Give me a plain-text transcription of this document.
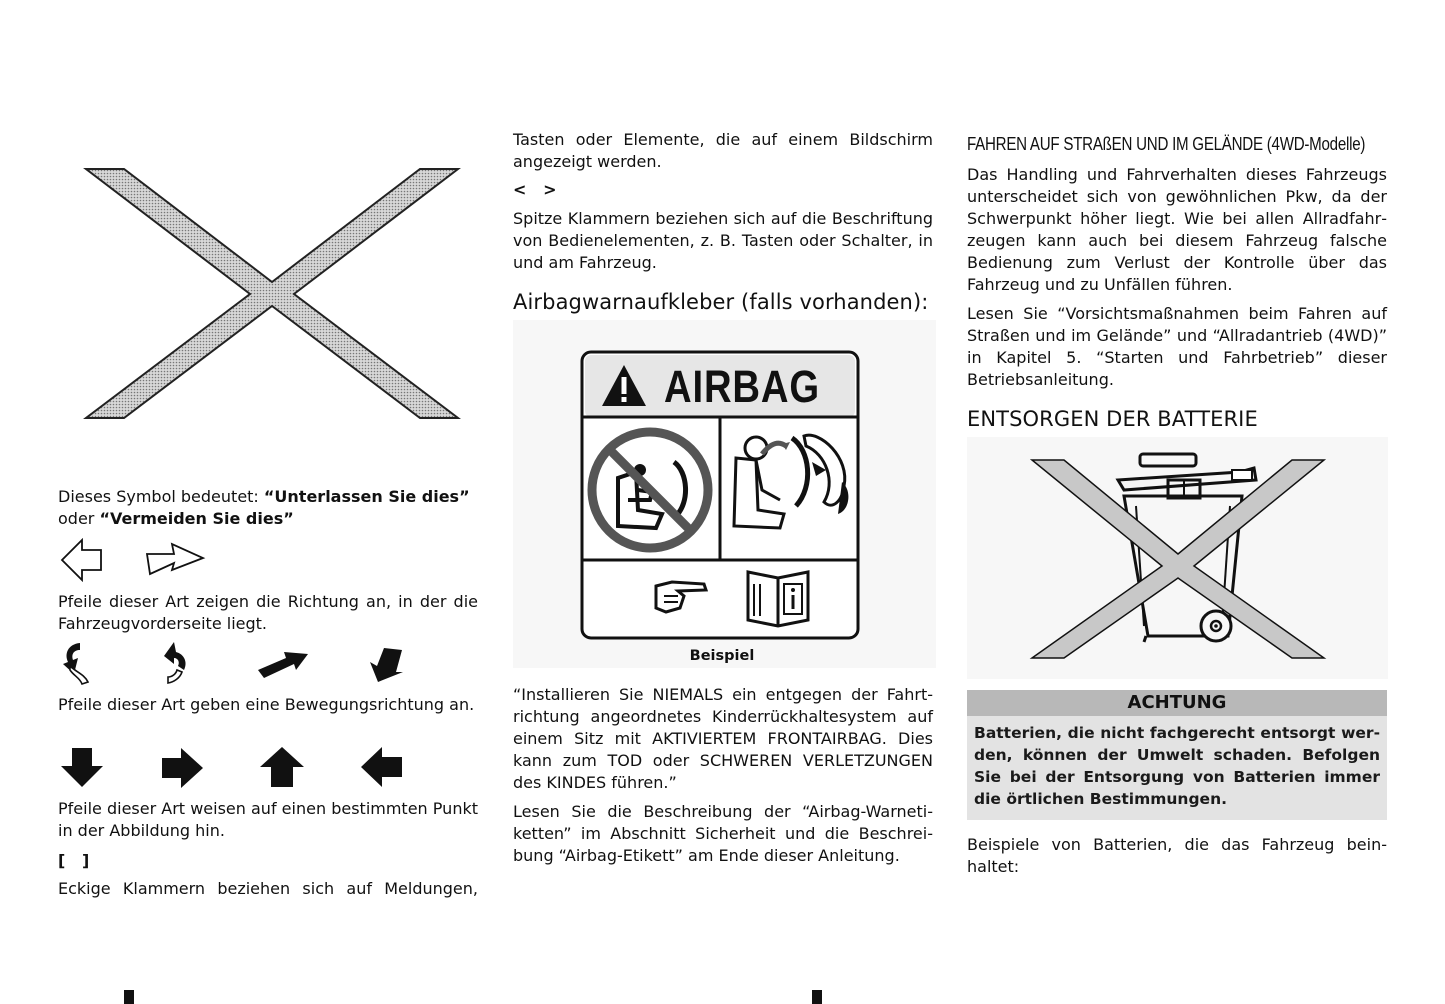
Dieses Symbol bedeutet: “Unterlassen Sie dies”
oder “Vermeiden Sie dies”
Pfeile dieser Art zeigen die Richtung an, in der die Fahrzeugvorderseite liegt.
Pfeile dieser Art geben eine Bewegungsrichtung an.
Pfeile dieser Art weisen auf einen bestimmten Punkt in der Abbildung hin.
[   ]
Eckige Klammern beziehen sich auf Meldungen,
Tasten oder Elemente, die auf einem Bildschirm angezeigt werden.
<   >
Spitze Klammern beziehen sich auf die Beschriftung von Bedienelementen, z. B. Tasten oder Schalter, in und am Fahrzeug.
Airbagwarnaufkleber (falls vorhanden):
AIRBAG
Beispiel
“Installieren Sie NIEMALS ein entgegen der Fahrtrichtung angeordnetes Kinderrückhaltesystem auf einem Sitz mit AKTIVIERTEM FRONTAIRBAG. Dies kann zum TOD oder SCHWEREN VERLETZUNGEN des KINDES führen.”
Lesen Sie die Beschreibung der “Airbag-Warnetiketten” im Abschnitt Sicherheit und die Beschreibung “Airbag-Etikett” am Ende dieser Anleitung.
FAHREN AUF STRAßEN UND IM GELÄNDE (4WD-Modelle)
Das Handling und Fahrverhalten dieses Fahrzeugs unterscheidet sich von gewöhnlichen Pkw, da der Schwerpunkt höher liegt. Wie bei allen Allradfahrzeugen kann auch bei diesem Fahrzeug falsche Bedienung zum Verlust der Kontrolle über das Fahrzeug und zu Unfällen führen.
Lesen Sie “Vorsichtsmaßnahmen beim Fahren auf Straßen und im Gelände” und “Allradantrieb (4WD)” in Kapitel 5. “Starten und Fahrbetrieb” dieser Betriebsanleitung.
ENTSORGEN DER BATTERIE
ACHTUNG
Batterien, die nicht fachgerecht entsorgt werden, können der Umwelt schaden. Befolgen Sie bei der Entsorgung von Batterien immer die örtlichen Bestimmungen.
Beispiele von Batterien, die das Fahrzeug beinhaltet:
